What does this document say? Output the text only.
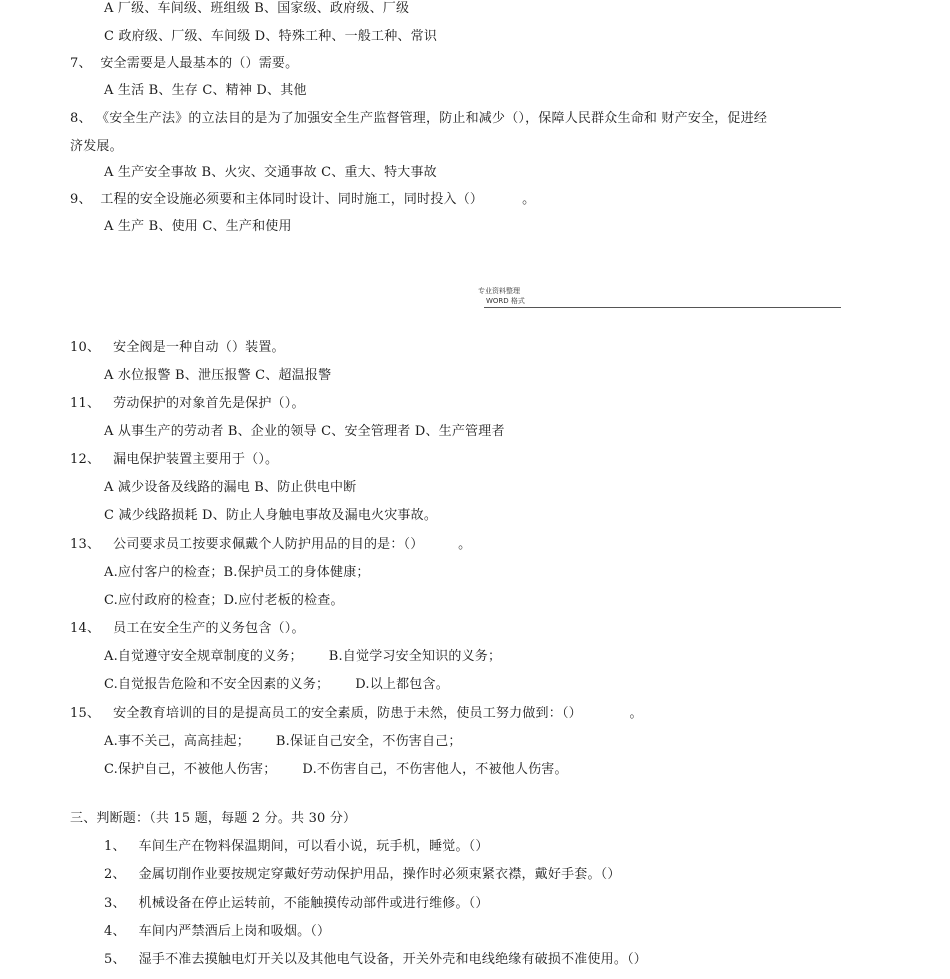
A 厂级、车间级、班组级 B、国家级、政府级、厂级
C 政府级、厂级、车间级 D、特殊工种、一般工种、常识
7、  安全需要是人最基本的（）需要。
A 生活 B、生存 C、精神 D、其他
8、 《安全生产法》的立法目的是为了加强安全生产监督管理，防止和减少（），保障人民群众生命和 财产安全，促进经
济发展。
A 生产安全事故 B、火灾、交通事故 C、重大、特大事故
9、  工程的安全设施必须要和主体同时设计、同时施工，同时投入（）         。
A 生产 B、使用 C、生产和使用
专业资料整理
WORD 格式
10、   安全阀是一种自动（）装置。
A 水位报警 B、泄压报警 C、超温报警
11、   劳动保护的对象首先是保护（）。
A 从事生产的劳动者 B、企业的领导 C、安全管理者 D、生产管理者
12、   漏电保护装置主要用于（）。
A 减少设备及线路的漏电 B、防止供电中断
C 减少线路损耗 D、防止人身触电事故及漏电火灾事故。
13、   公司要求员工按要求佩戴个人防护用品的目的是：（）        。
A.应付客户的检查；B.保护员工的身体健康；
C.应付政府的检查；D.应付老板的检查。
14、   员工在安全生产的义务包含（）。
A.自觉遵守安全规章制度的义务；      B.自觉学习安全知识的义务；
C.自觉报告危险和不安全因素的义务；      D.以上都包含。
15、   安全教育培训的目的是提高员工的安全素质，防患于未然，使员工努力做到：（）           。
A.事不关己，高高挂起；      B.保证自己安全，不伤害自己；
C.保护自己，不被他人伤害；      D.不伤害自己，不伤害他人，不被他人伤害。
三、判断题：（共 15 题，每题 2 分。共 30 分）
1、   车间生产在物料保温期间，可以看小说，玩手机，睡觉。（）
2、   金属切削作业要按规定穿戴好劳动保护用品，操作时必须束紧衣襟，戴好手套。（）
3、   机械设备在停止运转前，不能触摸传动部件或进行维修。（）
4、   车间内严禁酒后上岗和吸烟。（）
5、   湿手不准去摸触电灯开关以及其他电气设备，开关外壳和电线绝缘有破损不准使用。（）
